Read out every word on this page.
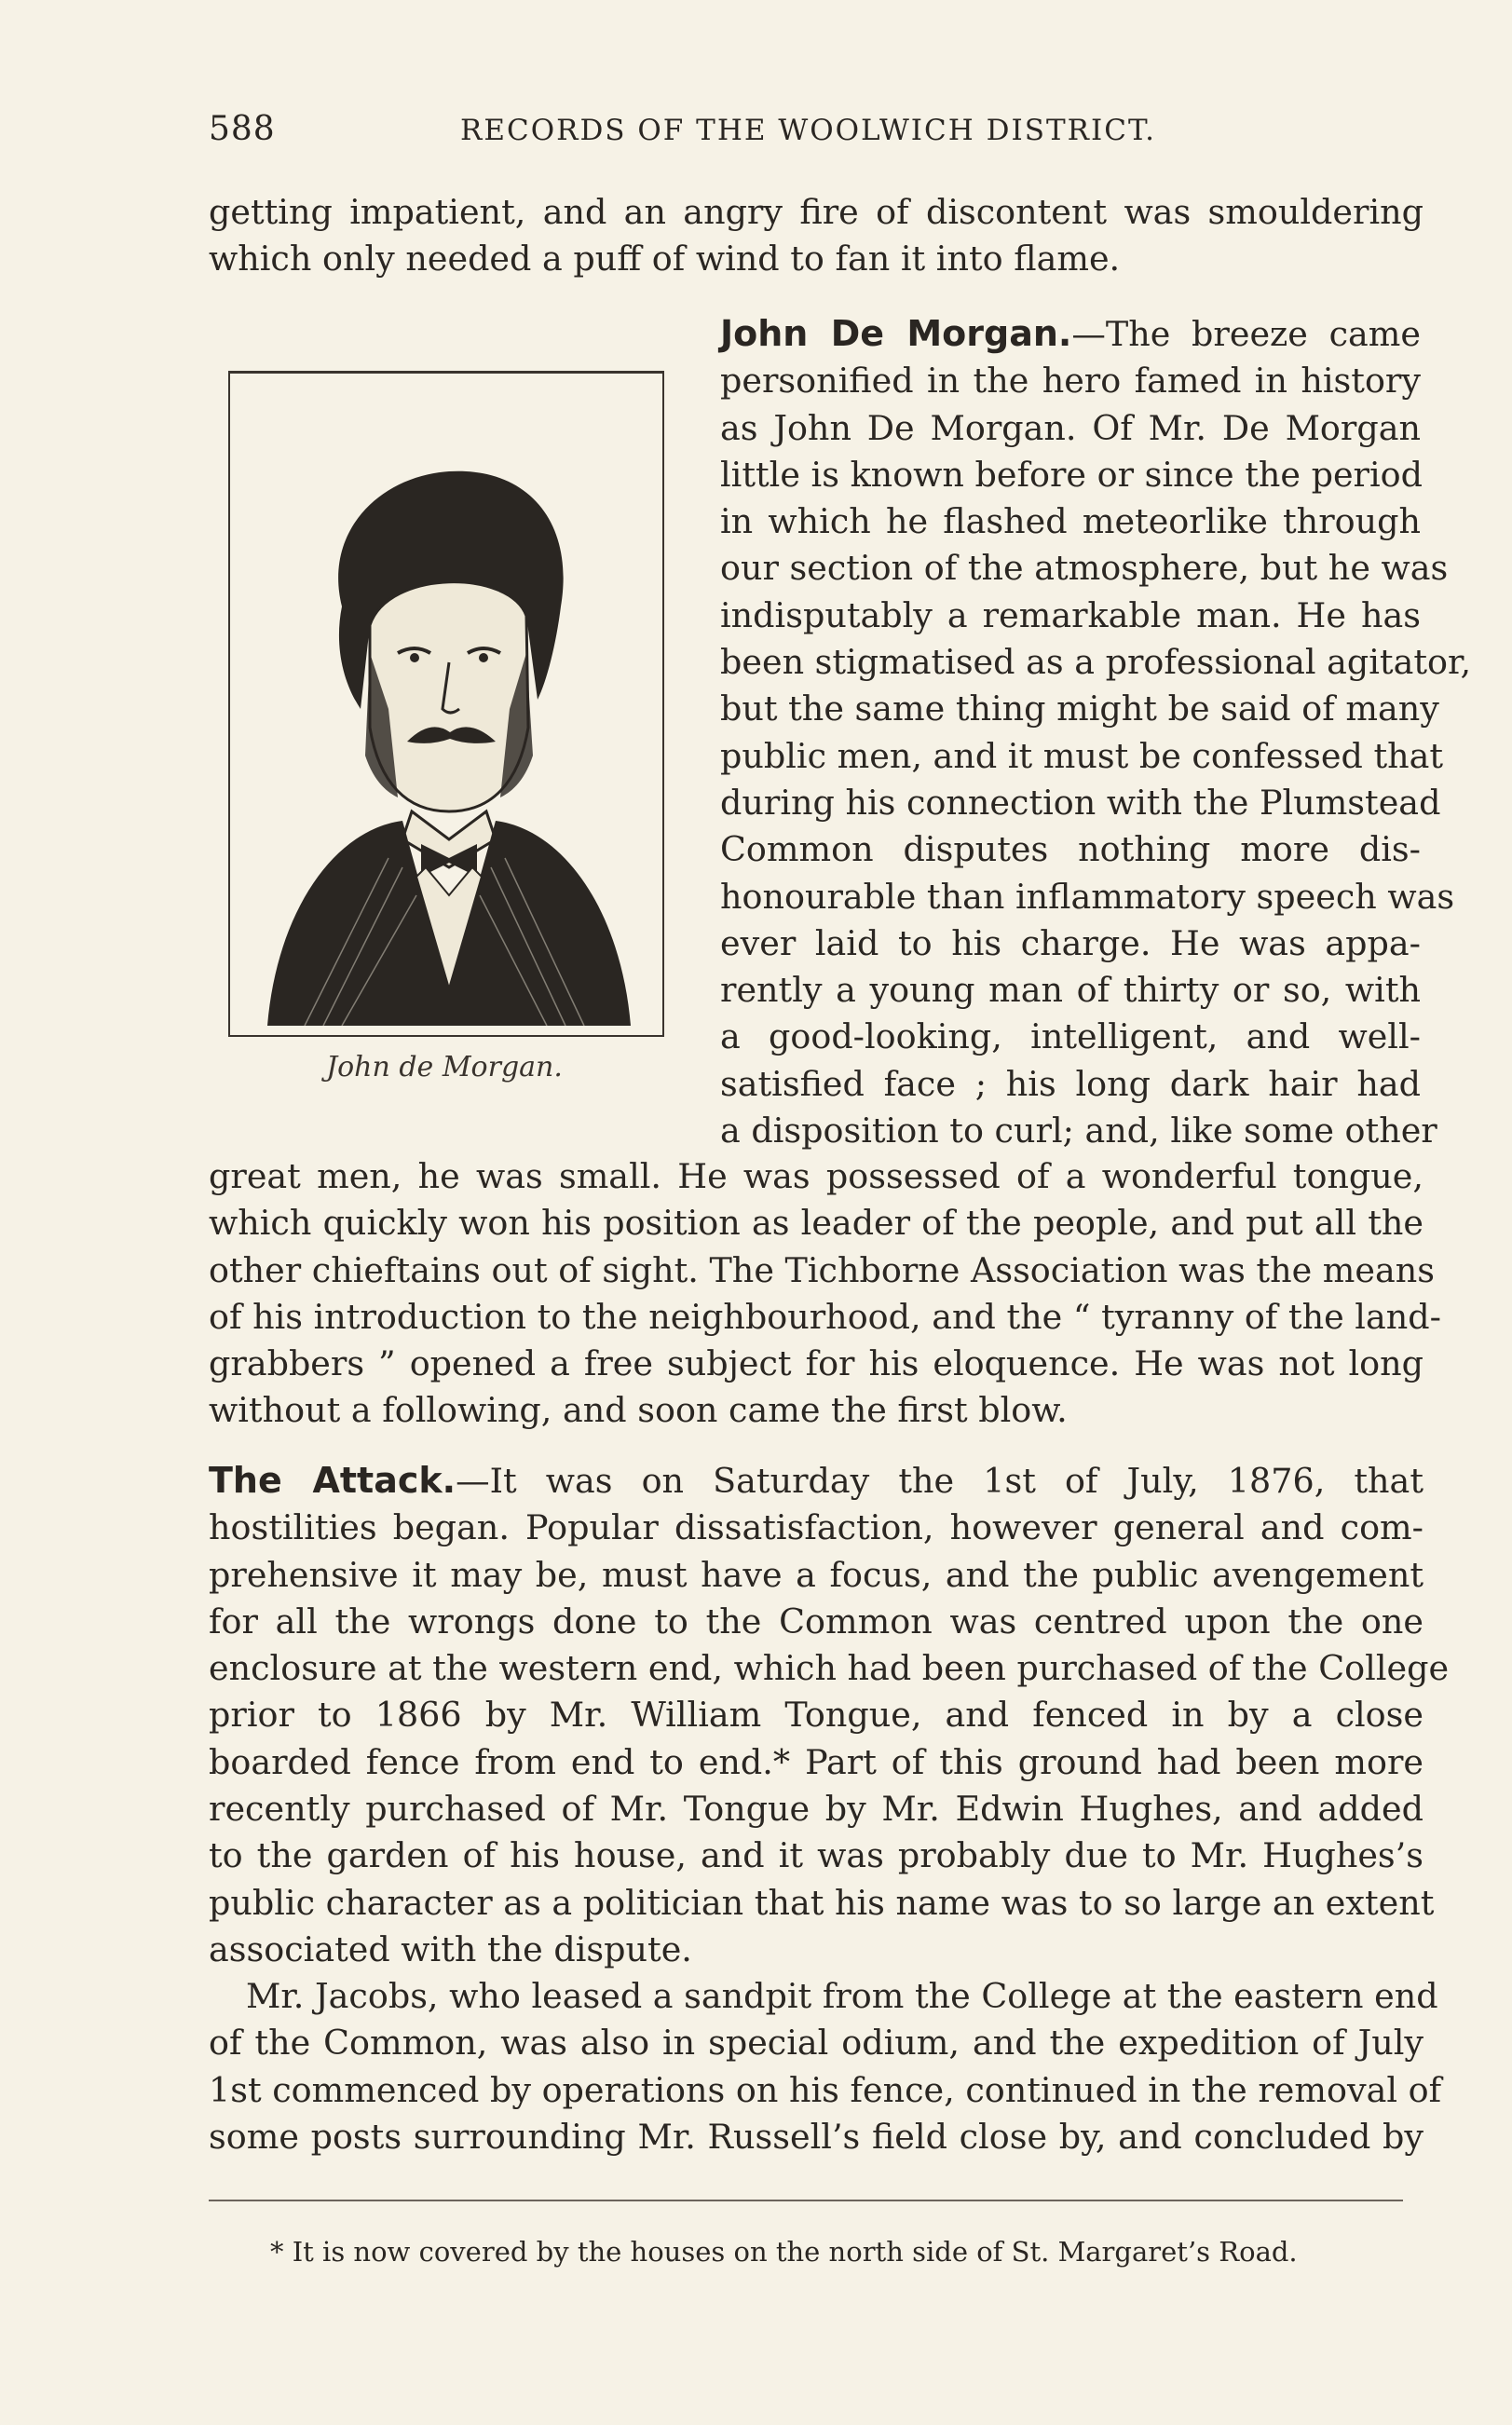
588	RECORDS OF THE WOOLWICH DISTRICT.
getting impatient, and an angry fire of discontent was smouldering
which only needed a puff of wind to fan it into flame.
John de Morgan.
John De Morgan.—The breeze came
personified in the hero famed in history
as John De Morgan. Of Mr. De Morgan
little is known before or since the period
in which he flashed meteorlike through
our section of the atmosphere, but he was
indisputably a remarkable man. He has
been stigmatised as a professional agitator,
but the same thing might be said of many
public men, and it must be confessed that
during his connection with the Plumstead
Common disputes nothing more dis-
honourable than inflammatory speech was
ever laid to his charge. He was appa-
rently a young man of thirty or so, with
a good-looking, intelligent, and well-
satisfied face ; his long dark hair had
a disposition to curl; and, like some other
great men, he was small. He was possessed of a wonderful tongue,
which quickly won his position as leader of the people, and put all the
other chieftains out of sight. The Tichborne Association was the means
of his introduction to the neighbourhood, and the “ tyranny of the land-
grabbers ” opened a free subject for his eloquence. He was not long
without a following, and soon came the first blow.
The Attack.—It was on Saturday the 1st of July, 1876, that
hostilities began. Popular dissatisfaction, however general and com-
prehensive it may be, must have a focus, and the public avengement
for all the wrongs done to the Common was centred upon the one
enclosure at the western end, which had been purchased of the College
prior to 1866 by Mr. William Tongue, and fenced in by a close
boarded fence from end to end.* Part of this ground had been more
recently purchased of Mr. Tongue by Mr. Edwin Hughes, and added
to the garden of his house, and it was probably due to Mr. Hughes’s
public character as a politician that his name was to so large an extent
associated with the dispute.
Mr. Jacobs, who leased a sandpit from the College at the eastern end
of the Common, was also in special odium, and the expedition of July
1st commenced by operations on his fence, continued in the removal of
some posts surrounding Mr. Russell’s field close by, and concluded by
* It is now covered by the houses on the north side of St. Margaret’s Road.
